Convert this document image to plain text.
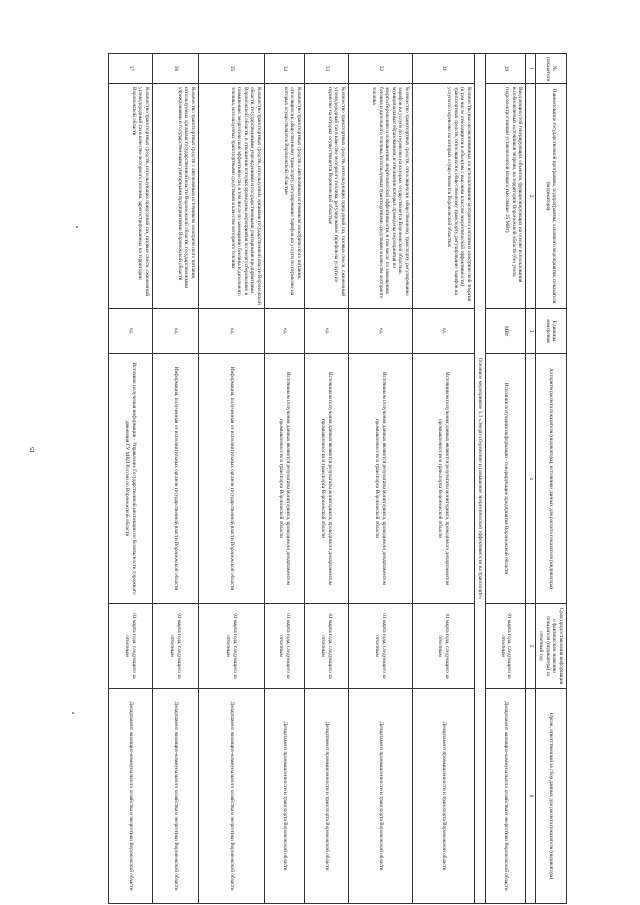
15
№ показателя	Наименование государственной программы, подпрограммы, основного мероприятия, показателя (индикатора)	Единицы измерения	Алгоритм расчета показателя (индикатора), источники данных для расчета показателя (индикатора)	Срок предоставления информации о фактическом значении показателя (индикатора) за отчетный год	Орган, ответственный за сбор данных для расчета показателя (индикатора)
1	2	3	4	5	6
29	Ввод мощностей генерирующих объектов, функционирующих на основе использования возобновляемых источников энергии, на территории Воронежской области (без учета гидроэлектростанций установленной мощностью свыше 25 МВт)	МВт	Источник получения информации - генерирующие предприятия Воронежской области	01 марта года, следующего за отчетным	Департамент жилищно-коммунального хозяйства и энергетики Воронежской области
Основное мероприятие 1.3 «Энергосбережение и повышение энергетической эффективности на транспорте»					
31	Количество высокоэкономичных по использованию моторного топлива и электрической энергии (в том числе относящихся к объектам с высоким классом энергетической эффективности) транспортных средств, относящихся к общественному транспорту, регулирование тарифов на услуги по перевозке на которых осуществляется Воронежской областью	ед.	Источником получения данных являются результаты мониторинга, проводимого департаментом промышленности и транспорта Воронежской области	01 марта года, следующего за отчетным	Департамент промышленности и транспорта Воронежской области
32	Количество транспортных средств, относящихся к общественному транспорту, регулирование тарифов на услуги по перевозке на которых осуществляется Воронежской областью, муниципальным образованием, в отношении которых проведены мероприятия по энергосбережению и повышению энергетической эффективности, в том числе по замещению бензина и дизельного топлива, используемых транспортными средствами в качестве моторного топлива	ед.	Источником получения данных являются результаты мониторинга, проводимого департаментом промышленности и транспорта Воронежской области	01 марта года, следующего за отчетным	Департамент промышленности и транспорта Воронежской области
33	Количество транспортных средств, использующих природный газ, газовые смеси, сжиженный углеводородный газ в качестве моторного топлива, регулирование тарифов на услуги по перевозке на которых осуществляется Воронежской областью	ед.	Источником получения данных являются результаты мониторинга, проводимого департаментом промышленности и транспорта Воронежской области	01 марта года, следующего за отчетным	Департамент промышленности и транспорта Воронежской области
34	Количество транспортных средств с автономным источником электрического питания, относящихся к общественному транспорту, регулирование тарифов на услуги по перевозке на которых осуществляется Воронежской областью	ед.	Источником получения данных являются результаты мониторинга, проводимого департаментом промышленности и транспорта Воронежской области	01 марта года, следующего за отчетным	Департамент промышленности и транспорта Воронежской области
35	Количество транспортных средств, используемых органами государственной власти Воронежской области, государственными учреждениями и государственными унитарными предприятиями Воронежской области, в отношении которых проведены мероприятия по энергосбережению и повышению энергетической эффективности, в том числе по замещению бензина и дизельного топлива, используемых транспортными средствами в качестве моторного топлива	ед.	Информация, полученная от исполнительных органов государственной власти Воронежской области	01 марта года, следующего за отчетным	Департамент жилищно-коммунального хозяйства и энергетики Воронежской области
36	Количество транспортных средств с автономным источником электрического питания, используемых органами государственной власти Воронежской области, государственными учреждениями и государственными унитарными предприятиями Воронежской области	ед.	Информация, полученная от исполнительных органов государственной власти Воронежской области	01 марта года, следующего за отчетным	Департамент жилищно-коммунального хозяйства и энергетики Воронежской области
37	Количество транспортных средств, использующих природный газ, газовые смеси, сжиженный углеводородный газ в качестве моторного топлива, зарегистрированных на территории Воронежской области	ед.	Источник получения информации - Управление Государственной инспекции по безопасности дорожного движения ГУ МВД России по Воронежской области	01 марта года, следующего за отчетным	Департамент жилищно-коммунального хозяйства и энергетики Воронежской области
